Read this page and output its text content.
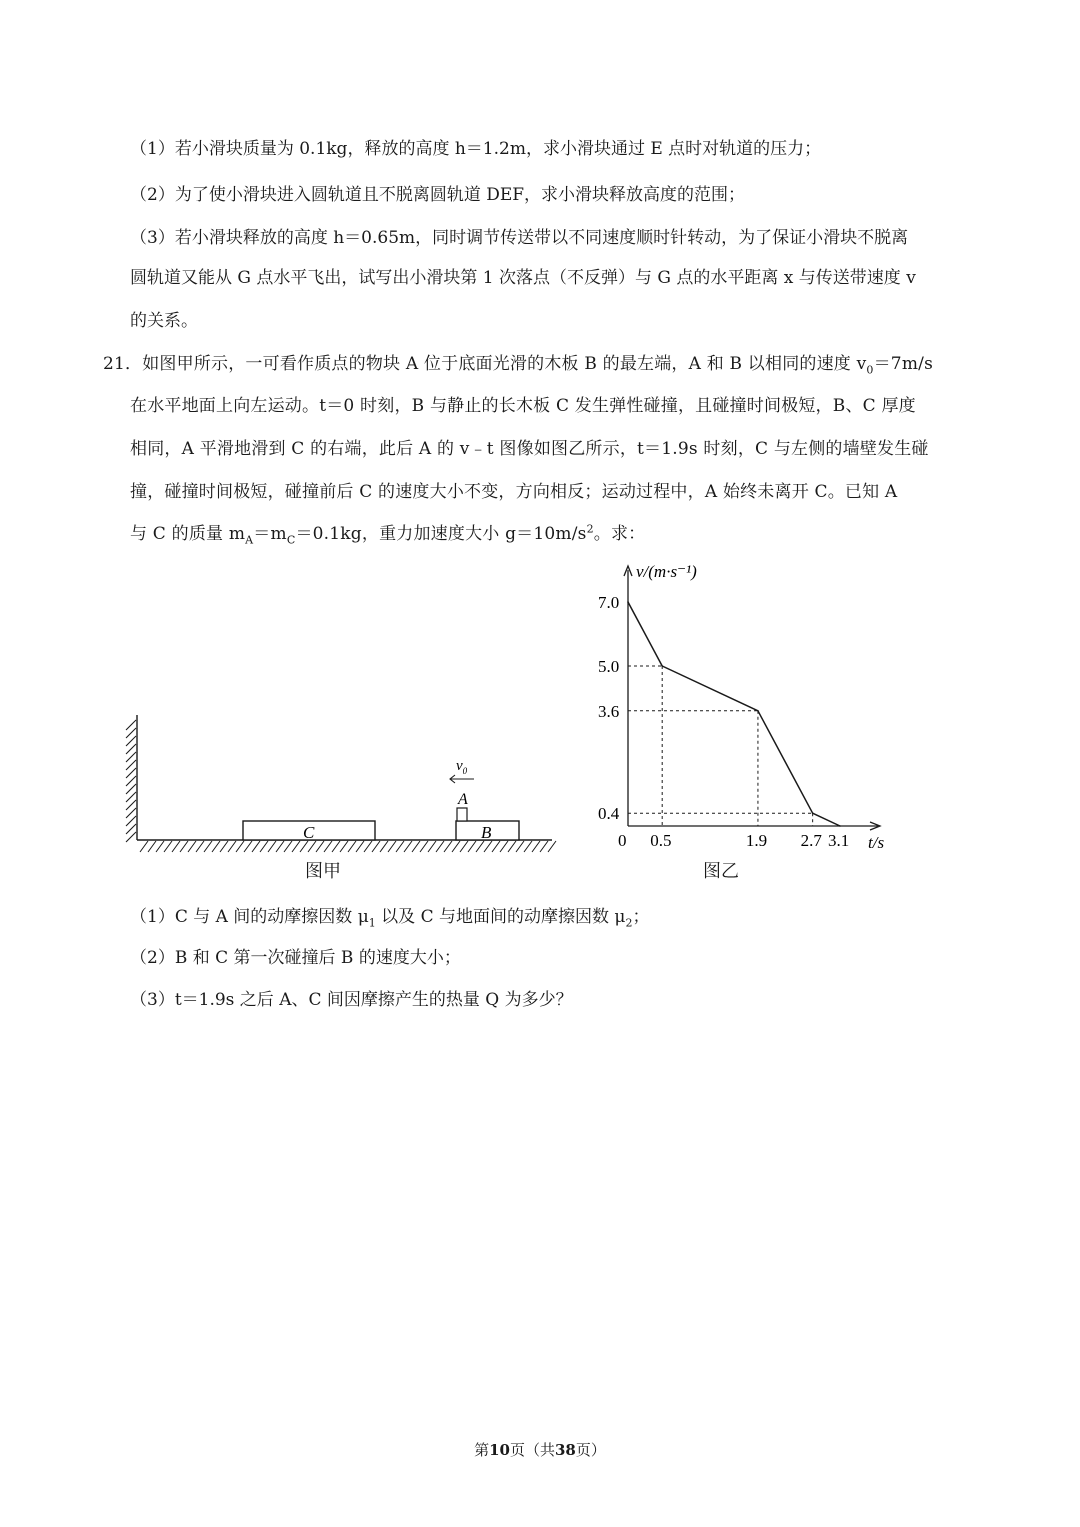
（1）若小滑块质量为 0.1kg，释放的高度 h＝1.2m，求小滑块通过 E 点时对轨道的压力；
（2）为了使小滑块进入圆轨道且不脱离圆轨道 DEF，求小滑块释放高度的范围；
（3）若小滑块释放的高度 h＝0.65m，同时调节传送带以不同速度顺时针转动，为了保证小滑块不脱离
圆轨道又能从 G 点水平飞出，试写出小滑块第 1 次落点（不反弹）与 G 点的水平距离 x 与传送带速度 v
的关系。
21．如图甲所示，一可看作质点的物块 A 位于底面光滑的木板 B 的最左端，A 和 B 以相同的速度 $v_0=7m/s$
在水平地面上向左运动。t＝0 时刻，B 与静止的长木板 C 发生弹性碰撞，且碰撞时间极短，B、C 厚度
相同，A 平滑地滑到 C 的右端，此后 A 的 v﹣t 图像如图乙所示，t＝1.9s 时刻，C 与左侧的墙壁发生碰
撞，碰撞时间极短，碰撞前后 C 的速度大小不变，方向相反；运动过程中，A 始终未离开 C。已知 A
与 C 的质量 $m_A=m_C=0.1kg$，重力加速度大小 $g=10m/s^2$。求：
C	B
A
$v_0$
图甲
v/(m·s⁻¹)
t/s
7.0
5.0
3.6
0.4
0 0.5	1.9 2.7 3.1
图乙
（1）C 与 A 间的动摩擦因数 $\mu_1$ 以及 C 与地面间的动摩擦因数 $\mu_2$；
（2）B 和 C 第一次碰撞后 B 的速度大小；
（3）t＝1.9s 之后 A、C 间因摩擦产生的热量 Q 为多少？
第10页（共38页）
